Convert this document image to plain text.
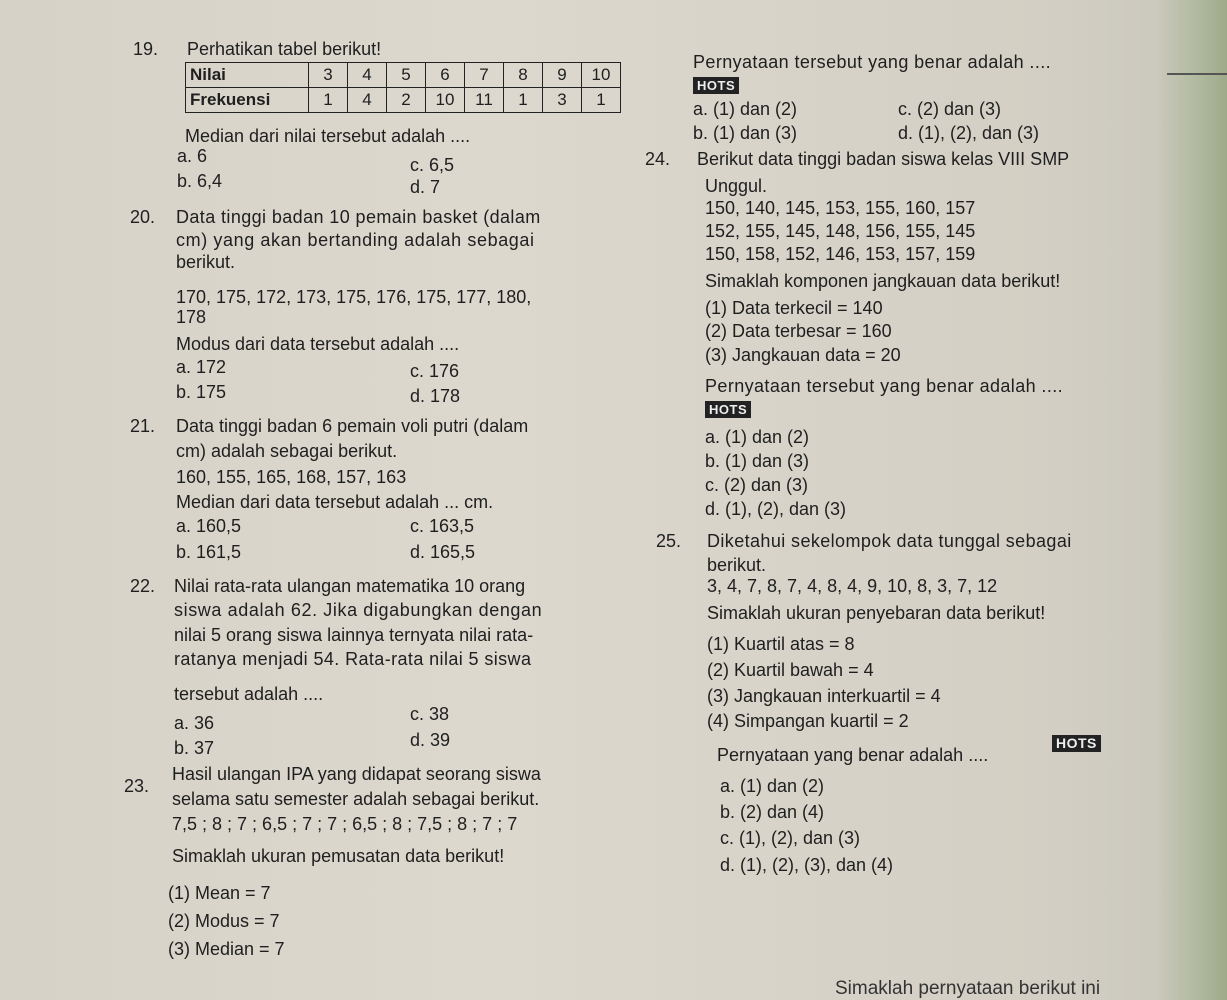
19. Perhatikan tabel berikut!
Nilai	3	4	5	6	7	8	9	10
Frekuensi	1	4	2	10	11	1	3	1
Median dari nilai tersebut adalah ....
a. 6
b. 6,4
c. 6,5
d. 7
20. Data tinggi badan 10 pemain basket (dalam
cm) yang akan bertanding adalah sebagai
berikut.
170, 175, 172, 173, 175, 176, 175, 177, 180,
178
Modus dari data tersebut adalah ....
a. 172
b. 175
c. 176
d. 178
21. Data tinggi badan 6 pemain voli putri (dalam
cm) adalah sebagai berikut.
160, 155, 165, 168, 157, 163
Median dari data tersebut adalah ... cm.
a. 160,5
b. 161,5
c. 163,5
d. 165,5
22. Nilai rata-rata ulangan matematika 10 orang
siswa adalah 62. Jika digabungkan dengan
nilai 5 orang siswa lainnya ternyata nilai rata-
ratanya menjadi 54. Rata-rata nilai 5 siswa
tersebut adalah ....
a. 36
b. 37
c. 38
d. 39
23.
Hasil ulangan IPA yang didapat seorang siswa
selama satu semester adalah sebagai berikut.
7,5 ; 8 ; 7 ; 6,5 ; 7 ; 7 ; 6,5 ; 8 ; 7,5 ; 8 ; 7 ; 7
Simaklah ukuran pemusatan data berikut!
(1) Mean = 7
(2) Modus = 7
(3) Median = 7
Pernyataan tersebut yang benar adalah ....
HOTS
a. (1) dan (2)
b. (1) dan (3)
c. (2) dan (3)
d. (1), (2), dan (3)
24. Berikut data tinggi badan siswa kelas VIII SMP
Unggul.
150, 140, 145, 153, 155, 160, 157
152, 155, 145, 148, 156, 155, 145
150, 158, 152, 146, 153, 157, 159
Simaklah komponen jangkauan data berikut!
(1) Data terkecil = 140
(2) Data terbesar = 160
(3) Jangkauan data = 20
Pernyataan tersebut yang benar adalah ....
HOTS
a. (1) dan (2)
b. (1) dan (3)
c. (2) dan (3)
d. (1), (2), dan (3)
25. Diketahui sekelompok data tunggal sebagai
berikut.
3, 4, 7, 8, 7, 4, 8, 4, 9, 10, 8, 3, 7, 12
Simaklah ukuran penyebaran data berikut!
(1) Kuartil atas = 8
(2) Kuartil bawah = 4
(3) Jangkauan interkuartil = 4
(4) Simpangan kuartil = 2
Pernyataan yang benar adalah ....
HOTS
a. (1) dan (2)
b. (2) dan (4)
c. (1), (2), dan (3)
d. (1), (2), (3), dan (4)
Simaklah pernyataan berikut ini
